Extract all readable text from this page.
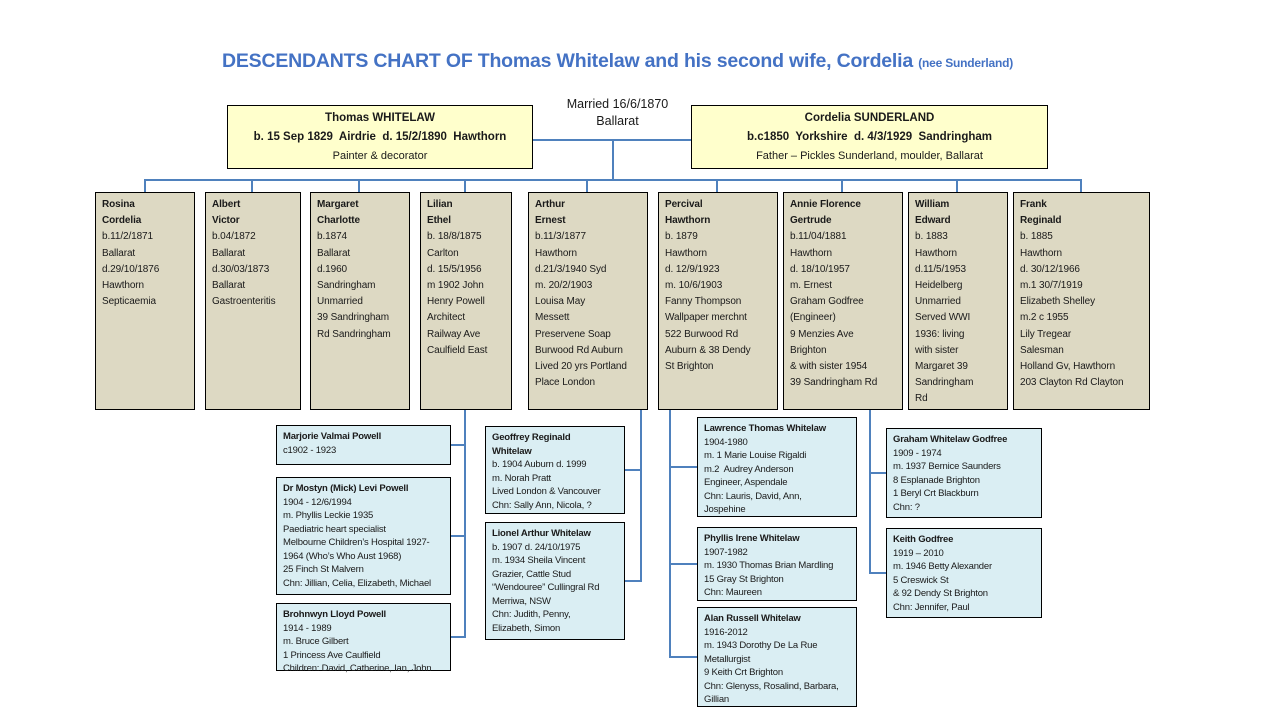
DESCENDANTS CHART OF Thomas Whitelaw and his second wife, Cordelia (nee Sunderland)
Married 16/6/1870
Ballarat
Thomas WHITELAW
b. 15 Sep 1829  Airdrie  d. 15/2/1890  Hawthorn
Painter & decorator
Cordelia SUNDERLAND
b.c1850  Yorkshire  d. 4/3/1929  Sandringham
Father – Pickles Sunderland, moulder, Ballarat
Rosina
Cordelia
b.11/2/1871
Ballarat
d.29/10/1876
Hawthorn
Septicaemia
Albert
Victor
b.04/1872
Ballarat
d.30/03/1873
Ballarat
Gastroenteritis
Margaret
Charlotte
b.1874
Ballarat
d.1960
Sandringham
Unmarried
39 Sandringham
Rd Sandringham
Lilian
Ethel
b. 18/8/1875
Carlton
d. 15/5/1956
m 1902 John
Henry Powell
Architect
Railway Ave
Caulfield East
Arthur
Ernest
b.11/3/1877
Hawthorn
d.21/3/1940 Syd
m. 20/2/1903
Louisa May
Messett
Preservene Soap
Burwood Rd Auburn
Lived 20 yrs Portland
Place London
Percival
Hawthorn
b. 1879
Hawthorn
d. 12/9/1923
m. 10/6/1903
Fanny Thompson
Wallpaper merchnt
522 Burwood Rd
Auburn & 38 Dendy
St Brighton
Annie Florence
Gertrude
b.11/04/1881
Hawthorn
d. 18/10/1957
m. Ernest
Graham Godfree
(Engineer)
9 Menzies Ave
Brighton
& with sister 1954
39 Sandringham Rd
William
Edward
b. 1883
Hawthorn
d.11/5/1953
Heidelberg
Unmarried
Served WWI
1936: living
with sister
Margaret 39
Sandringham
Rd
Frank
Reginald
b. 1885
Hawthorn
d. 30/12/1966
m.1 30/7/1919
Elizabeth Shelley
m.2 c 1955
Lily Tregear
Salesman
Holland Gv, Hawthorn
203 Clayton Rd Clayton
Marjorie Valmai Powell
c1902 - 1923
Dr Mostyn (Mick) Levi Powell
1904 - 12/6/1994
m. Phyllis Leckie 1935
Paediatric heart specialist
Melbourne Children’s Hospital 1927-
1964 (Who’s Who Aust 1968)
25 Finch St Malvern
Chn: Jillian, Celia, Elizabeth, Michael
Brohnwyn Lloyd Powell
1914 - 1989
m. Bruce Gilbert
1 Princess Ave Caulfield
Children: David, Catherine, Ian, John
Geoffrey Reginald
Whitelaw
b. 1904 Auburn d. 1999
m. Norah Pratt
Lived London & Vancouver
Chn: Sally Ann, Nicola, ?
Lionel Arthur Whitelaw
b. 1907 d. 24/10/1975
m. 1934 Sheila Vincent
Grazier, Cattle Stud
“Wendouree” Cullingral Rd
Merriwa, NSW
Chn: Judith, Penny,
Elizabeth, Simon
Lawrence Thomas Whitelaw
1904-1980
m. 1 Marie Louise Rigaldi
m.2  Audrey Anderson
Engineer, Aspendale
Chn: Lauris, David, Ann,
Jospehine
Phyllis Irene Whitelaw
1907-1982
m. 1930 Thomas Brian Mardling
15 Gray St Brighton
Chn: Maureen
Alan Russell Whitelaw
1916-2012
m. 1943 Dorothy De La Rue
Metallurgist
9 Keith Crt Brighton
Chn: Glenyss, Rosalind, Barbara,
Gillian
Graham Whitelaw Godfree
1909 - 1974
m. 1937 Bernice Saunders
8 Esplanade Brighton
1 Beryl Crt Blackburn
Chn: ?
Keith Godfree
1919 – 2010
m. 1946 Betty Alexander
5 Creswick St
& 92 Dendy St Brighton
Chn: Jennifer, Paul
